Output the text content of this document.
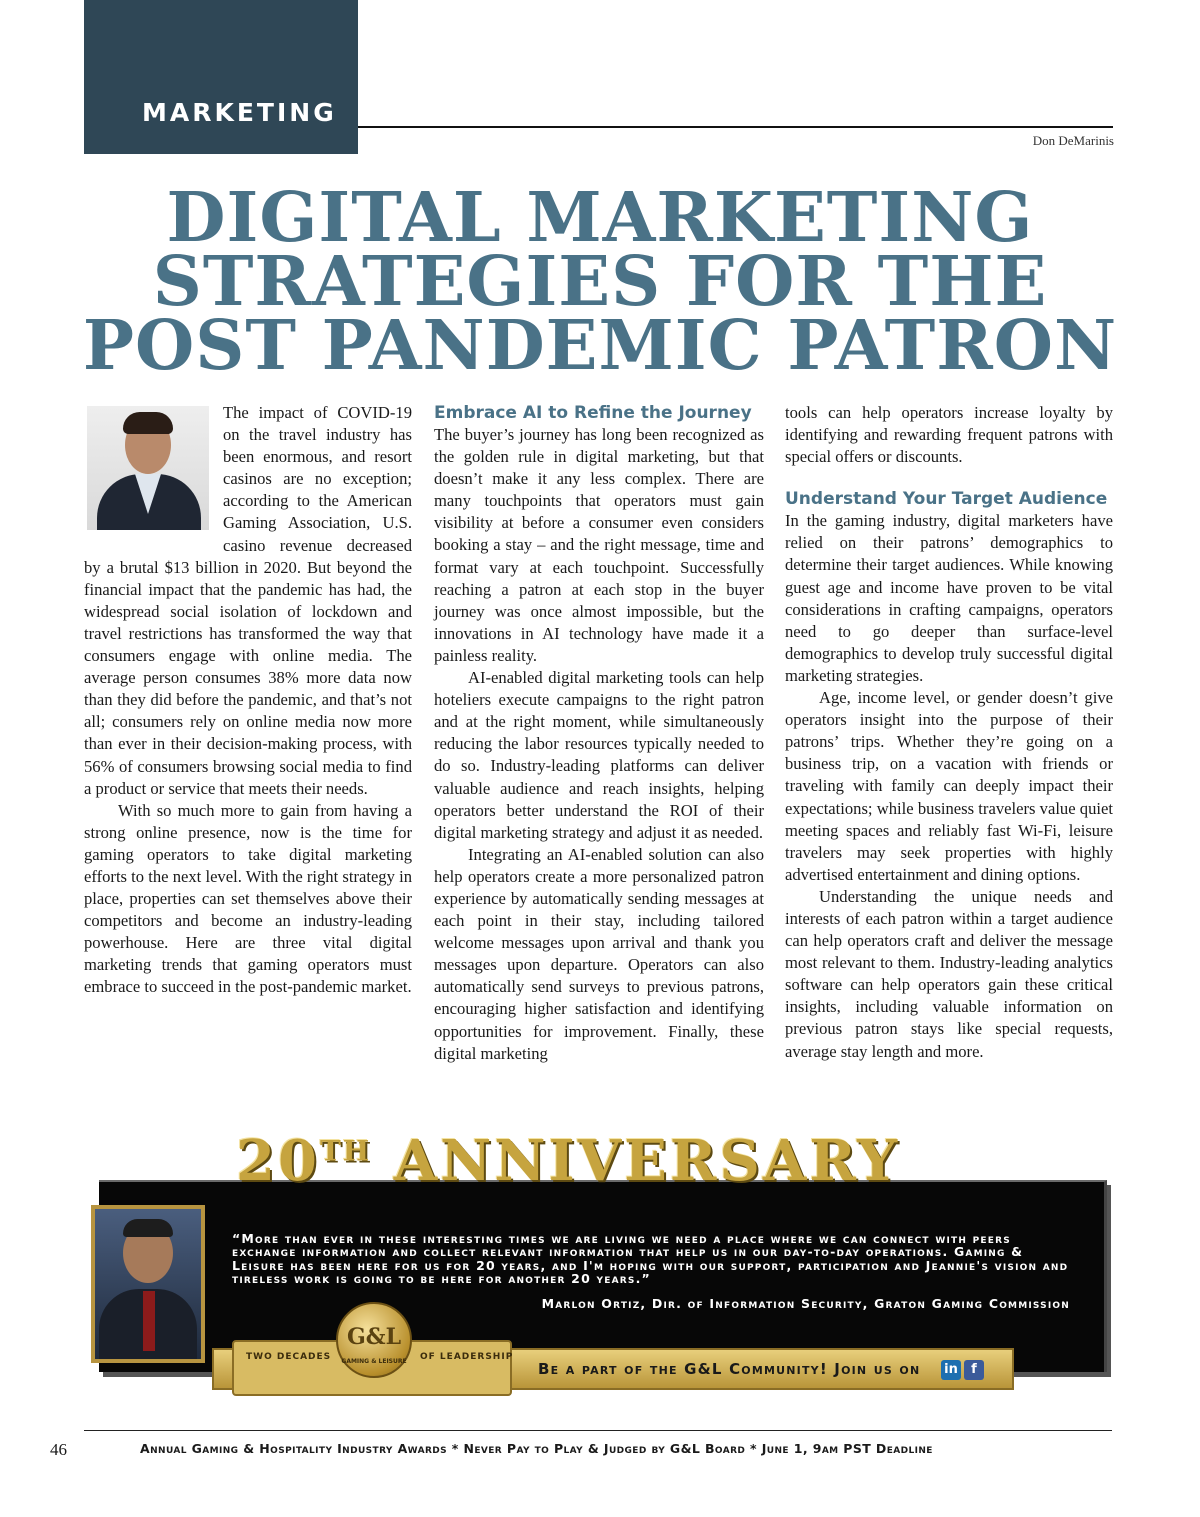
MARKETING

Don DeMarinis

DIGITAL MARKETING STRATEGIES FOR THE POST PANDEMIC PATRON

The impact of COVID-19 on the travel industry has been enormous, and resort casinos are no exception; according to the American Gaming Association, U.S. casino revenue decreased by a brutal $13 billion in 2020. But beyond the financial impact that the pandemic has had, the widespread social isolation of lockdown and travel restrictions has transformed the way that consumers engage with online media. The average person consumes 38% more data now than they did before the pandemic, and that’s not all; consumers rely on online media now more than ever in their decision-making process, with 56% of consumers browsing social media to find a product or service that meets their needs.

With so much more to gain from having a strong online presence, now is the time for gaming operators to take digital marketing efforts to the next level. With the right strategy in place, properties can set themselves above their competitors and become an industry-leading powerhouse. Here are three vital digital marketing trends that gaming operators must embrace to succeed in the post-pandemic market.

Embrace AI to Refine the Journey

The buyer’s journey has long been recognized as the golden rule in digital marketing, but that doesn’t make it any less complex. There are many touchpoints that operators must gain visibility at before a consumer even considers booking a stay – and the right message, time and format vary at each touchpoint. Successfully reaching a patron at each stop in the buyer journey was once almost impossible, but the innovations in AI technology have made it a painless reality.

AI-enabled digital marketing tools can help hoteliers execute campaigns to the right patron and at the right moment, while simultaneously reducing the labor resources typically needed to do so. Industry-leading platforms can deliver valuable audience and reach insights, helping operators better understand the ROI of their digital marketing strategy and adjust it as needed.

Integrating an AI-enabled solution can also help operators create a more personalized patron experience by automatically sending messages at each point in their stay, including tailored welcome messages upon arrival and thank you messages upon departure. Operators can also automatically send surveys to previous patrons, encouraging higher satisfaction and identifying opportunities for improvement. Finally, these digital marketing

tools can help operators increase loyalty by identifying and rewarding frequent patrons with special offers or discounts.

Understand Your Target Audience

In the gaming industry, digital marketers have relied on their patrons’ demographics to determine their target audiences. While knowing guest age and income have proven to be vital considerations in crafting campaigns, operators need to go deeper than surface-level demographics to develop truly successful digital marketing strategies.

Age, income level, or gender doesn’t give operators insight into the purpose of their patrons’ trips. Whether they’re going on a business trip, on a vacation with friends or traveling with family can deeply impact their expectations; while business travelers value quiet meeting spaces and reliably fast Wi-Fi, leisure travelers may seek properties with highly advertised entertainment and dining options.

Understanding the unique needs and interests of each patron within a target audience can help operators craft and deliver the message most relevant to them. Industry-leading analytics software can help operators gain these critical insights, including valuable information on previous patron stays like special requests, average stay length and more.

20TH ANNIVERSARY

“More than ever in these interesting times we are living we need a place where we can connect with peers exchange information and collect relevant information that help us in our day-to-day operations. Gaming & Leisure has been here for us for 20 years, and I'm hoping with our support, participation and Jeannie's vision and tireless work is going to be here for another 20 years.”

Marlon Ortiz, Dir. of Information Security, Graton Gaming Commission

TWO DECADES	OF LEADERSHIP

G&L

GAMING & LEISURE	Be a part of the G&L Community! Join us on in	f

46	Annual Gaming & Hospitality Industry Awards * Never Pay to Play & Judged by G&L Board * June 1, 9am PST Deadline
